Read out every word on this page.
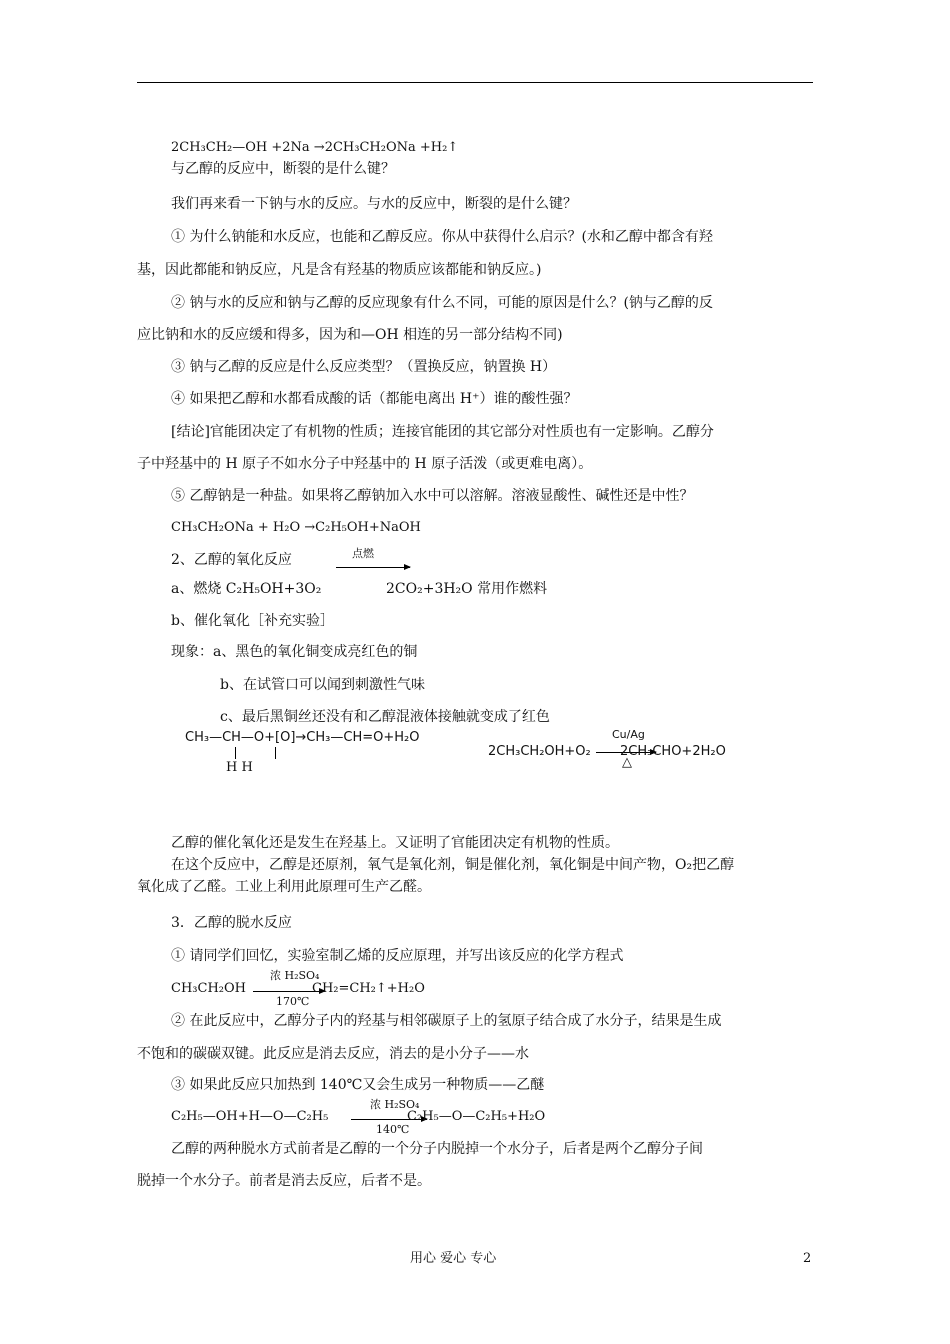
2CH₃CH₂—OH +2Na →2CH₃CH₂ONa +H₂↑
与乙醇的反应中，断裂的是什么键？
我们再来看一下钠与水的反应。与水的反应中，断裂的是什么键？
① 为什么钠能和水反应，也能和乙醇反应。你从中获得什么启示？(水和乙醇中都含有羟
基，因此都能和钠反应，凡是含有羟基的物质应该都能和钠反应。)
② 钠与水的反应和钠与乙醇的反应现象有什么不同，可能的原因是什么？(钠与乙醇的反
应比钠和水的反应缓和得多，因为和—OH 相连的另一部分结构不同)
③ 钠与乙醇的反应是什么反应类型？（置换反应，钠置换 H）
④ 如果把乙醇和水都看成酸的话（都能电离出 H⁺）谁的酸性强？
[结论]官能团决定了有机物的性质；连接官能团的其它部分对性质也有一定影响。乙醇分
子中羟基中的 H 原子不如水分子中羟基中的 H 原子活泼（或更难电离）。
⑤ 乙醇钠是一种盐。如果将乙醇钠加入水中可以溶解。溶液显酸性、碱性还是中性？
CH₃CH₂ONa + H₂O →C₂H₅OH+NaOH
2、乙醇的氧化反应	点燃
a、燃烧 C₂H₅OH+3O₂	2CO₂+3H₂O 常用作燃料
b、催化氧化［补充实验］
现象：a、黑色的氧化铜变成亮红色的铜
b、在试管口可以闻到刺激性气味
c、最后黑铜丝还没有和乙醇混液体接触就变成了红色
CH₃—CH—O+[O]→CH₃—CH=O+H₂O
H H
Cu/Ag
2CH₃CH₂OH+O₂ →
2CH₃CHO+2H₂O
△
乙醇的催化氧化还是发生在羟基上。又证明了官能团决定有机物的性质。
在这个反应中，乙醇是还原剂，氧气是氧化剂，铜是催化剂，氧化铜是中间产物，O₂把乙醇
氧化成了乙醛。工业上利用此原理可生产乙醛。
3．乙醇的脱水反应
① 请同学们回忆，实验室制乙烯的反应原理，并写出该反应的化学方程式
浓 H₂SO₄
CH₃CH₂OH	CH₂=CH₂↑+H₂O
170℃
② 在此反应中，乙醇分子内的羟基与相邻碳原子上的氢原子结合成了水分子，结果是生成
不饱和的碳碳双键。此反应是消去反应，消去的是小分子——水
③ 如果此反应只加热到 140℃又会生成另一种物质——乙醚
浓 H₂SO₄
C₂H₅—OH+H—O—C₂H₅	C₂H₅—O—C₂H₅+H₂O
140℃
乙醇的两种脱水方式前者是乙醇的一个分子内脱掉一个水分子，后者是两个乙醇分子间
脱掉一个水分子。前者是消去反应，后者不是。
用心 爱心 专心	2
